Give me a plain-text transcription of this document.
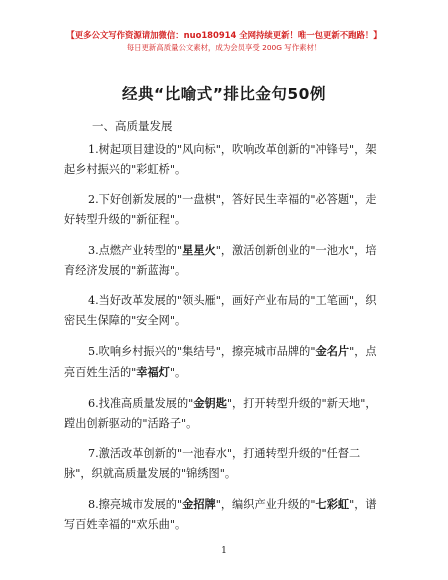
【更多公文写作资源请加微信：nuo180914 全网持续更新！唯一包更新不跑路！】
每日更新高质量公文素材，成为会员享受 200G 写作素材！
经典“比喻式”排比金句50例
一、高质量发展

1.树起项目建设的"风向标"，吹响改革创新的"冲锋号"，架起乡村振兴的"彩虹桥"。

2.下好创新发展的"一盘棋"，答好民生幸福的"必答题"，走好转型升级的"新征程"。

3.点燃产业转型的"星星火"，激活创新创业的"一池水"，培育经济发展的"新蓝海"。

4.当好改革发展的"领头雁"，画好产业布局的"工笔画"，织密民生保障的"安全网"。

5.吹响乡村振兴的"集结号"，擦亮城市品牌的"金名片"，点亮百姓生活的"幸福灯"。

6.找准高质量发展的"金钥匙"，打开转型升级的"新天地"，蹚出创新驱动的"活路子"。

7.激活改革创新的"一池春水"，打通转型升级的"任督二脉"，织就高质量发展的"锦绣图"。

8.擦亮城市发展的"金招牌"，编织产业升级的"七彩虹"，谱写百姓幸福的"欢乐曲"。

1
